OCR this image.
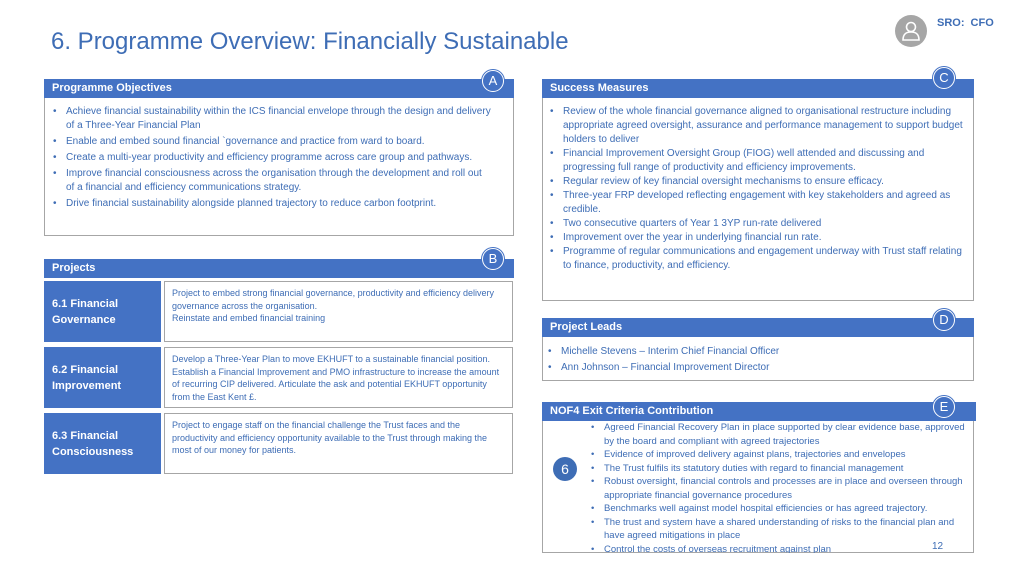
6. Programme Overview: Financially Sustainable
SRO: CFO
Programme Objectives	A
• Achieve financial sustainability within the ICS financial envelope through the design and delivery of a Three-Year Financial Plan
• Enable and embed sound financial `governance and practice from ward to board.
• Create a multi-year productivity and efficiency programme across care group and pathways.
• Improve financial consciousness across the organisation through the development and roll out of a financial and efficiency communications strategy.
• Drive financial sustainability alongside planned trajectory to reduce carbon footprint.
Projects
B
6.1 Financial Governance
Project to embed strong financial governance, productivity and efficiency delivery governance across the organisation.
Reinstate and embed financial training
6.2 Financial Improvement
Develop a Three-Year Plan to move EKHUFT to a sustainable financial position. Establish a Financial Improvement and PMO infrastructure to increase the amount of recurring CIP delivered. Articulate the ask and potential EKHUFT opportunity from the East Kent £.
6.3 Financial Consciousness
Project to engage staff on the financial challenge the Trust faces and the productivity and efficiency opportunity available to the Trust through making the most of our money for patients.
Success Measures
C
• Review of the whole financial governance aligned to organisational restructure including appropriate agreed oversight, assurance and performance management to support budget holders to deliver
• Financial Improvement Oversight Group (FIOG) well attended and discussing and progressing full range of productivity and efficiency improvements.
• Regular review of key financial oversight mechanisms to ensure efficacy.
• Three-year FRP developed reflecting engagement with key stakeholders and agreed as credible.
• Two consecutive quarters of Year 1 3YP run-rate delivered
• Improvement over the year in underlying financial run rate.
• Programme of regular communications and engagement underway with Trust staff relating to finance, productivity, and efficiency.
Project Leads	D
• Michelle Stevens – Interim Chief Financial Officer
• Ann Johnson – Financial Improvement Director
NOF4 Exit Criteria Contribution	E
6
• Agreed Financial Recovery Plan in place supported by clear evidence base, approved by the board and compliant with agreed trajectories
• Evidence of improved delivery against plans, trajectories and envelopes
• The Trust fulfils its statutory duties with regard to financial management
• Robust oversight, financial controls and processes are in place and overseen through appropriate financial governance procedures
• Benchmarks well against model hospital efficiencies or has agreed trajectory.
• The trust and system have a shared understanding of risks to the financial plan and have agreed mitigations in place
• Control the costs of overseas recruitment against plan	12
